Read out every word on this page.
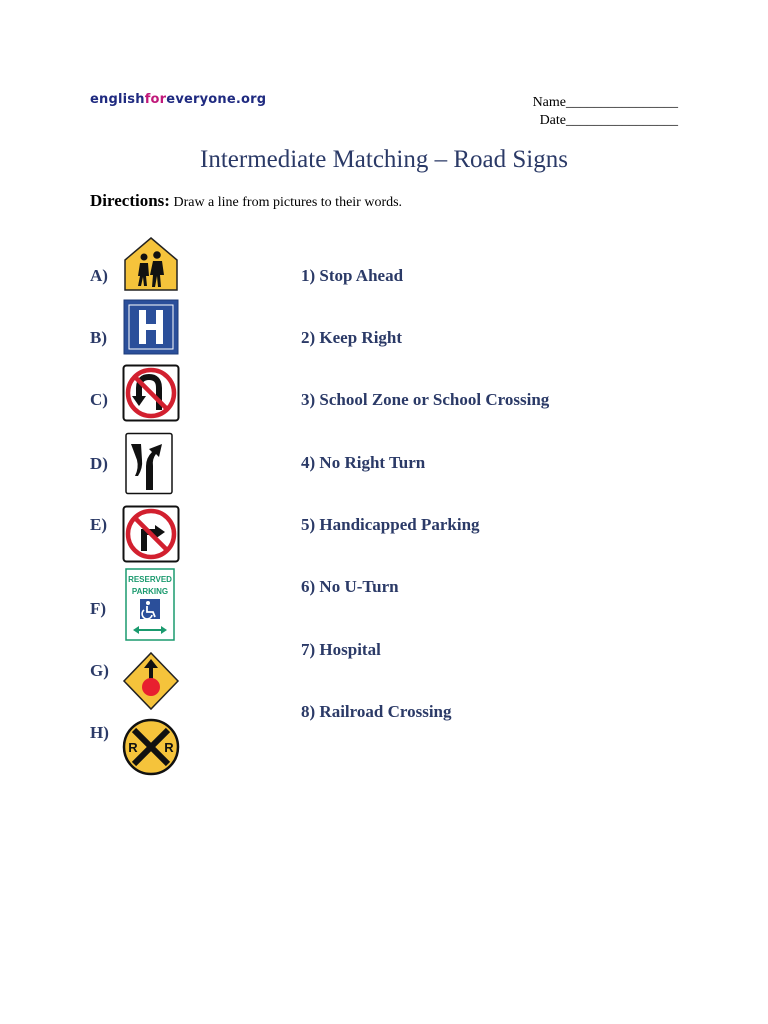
englishforeveryone.org	Name________________
Date________________
Intermediate Matching – Road Signs
Directions: Draw a line from pictures to their words.
A)
B)
C)
D)
E)
F)
G)
H)
RESERVED
PARKING
R R
1) Stop Ahead
2) Keep Right
3) School Zone or School Crossing
4) No Right Turn
5) Handicapped Parking
6) No U-Turn
7) Hospital
8) Railroad Crossing
